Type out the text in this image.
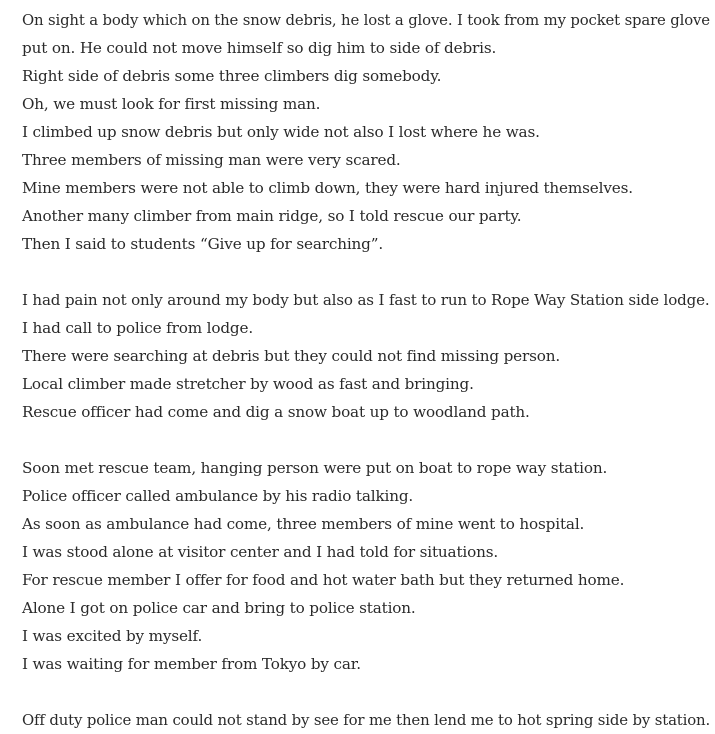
On sight a body which on the snow debris, he lost a glove. I took from my pocket spare glove
put on. He could not move himself so dig him to side of debris.
Right side of debris some three climbers dig somebody.
Oh, we must look for first missing man.
I climbed up snow debris but only wide not also I lost where he was.
Three members of missing man were very scared.
Mine members were not able to climb down, they were hard injured themselves.
Another many climber from main ridge, so I told rescue our party.
Then I said to students “Give up for searching”.
I had pain not only around my body but also as I fast to run to Rope Way Station side lodge.
I had call to police from lodge.
There were searching at debris but they could not find missing person.
Local climber made stretcher by wood as fast and bringing.
Rescue officer had come and dig a snow boat up to woodland path.
Soon met rescue team, hanging person were put on boat to rope way station.
Police officer called ambulance by his radio talking.
As soon as ambulance had come, three members of mine went to hospital.
I was stood alone at visitor center and I had told for situations.
For rescue member I offer for food and hot water bath but they returned home.
Alone I got on police car and bring to police station.
I was excited by myself.
I was waiting for member from Tokyo by car.
Off duty police man could not stand by see for me then lend me to hot spring side by station.
